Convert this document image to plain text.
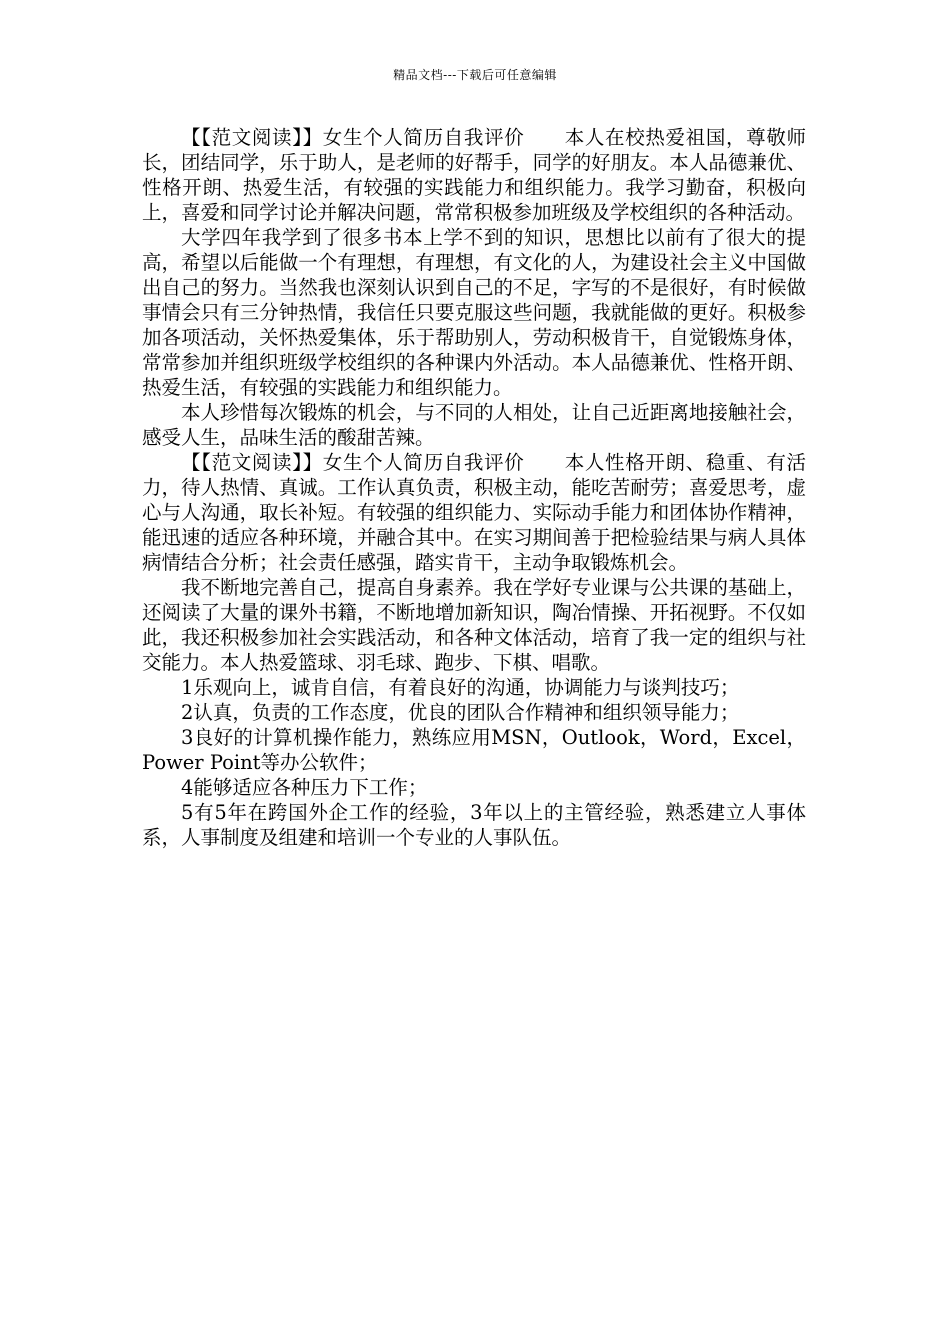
精品文档---下载后可任意编辑

【【范文阅读】】女生个人简历自我评价　　本人在校热爱祖国，尊敬师长，团结同学，乐于助人，是老师的好帮手，同学的好朋友。本人品德兼优、性格开朗、热爱生活，有较强的实践能力和组织能力。我学习勤奋，积极向上，喜爱和同学讨论并解决问题，常常积极参加班级及学校组织的各种活动。

大学四年我学到了很多书本上学不到的知识，思想比以前有了很大的提高，希望以后能做一个有理想，有理想，有文化的人，为建设社会主义中国做出自己的努力。当然我也深刻认识到自己的不足，字写的不是很好，有时候做事情会只有三分钟热情，我信任只要克服这些问题，我就能做的更好。积极参加各项活动，关怀热爱集体，乐于帮助别人，劳动积极肯干，自觉锻炼身体，常常参加并组织班级学校组织的各种课内外活动。本人品德兼优、性格开朗、热爱生活，有较强的实践能力和组织能力。

本人珍惜每次锻炼的机会，与不同的人相处，让自己近距离地接触社会，感受人生，品味生活的酸甜苦辣。

【【范文阅读】】女生个人简历自我评价　　本人性格开朗、稳重、有活力，待人热情、真诚。工作认真负责，积极主动，能吃苦耐劳；喜爱思考，虚心与人沟通，取长补短。有较强的组织能力、实际动手能力和团体协作精神，能迅速的适应各种环境，并融合其中。在实习期间善于把检验结果与病人具体病情结合分析；社会责任感强，踏实肯干，主动争取锻炼机会。

我不断地完善自己，提高自身素养。我在学好专业课与公共课的基础上，还阅读了大量的课外书籍，不断地增加新知识，陶冶情操、开拓视野。不仅如此，我还积极参加社会实践活动，和各种文体活动，培育了我一定的组织与社交能力。本人热爱篮球、羽毛球、跑步、下棋、唱歌。

1乐观向上，诚肯自信，有着良好的沟通，协调能力与谈判技巧；

2认真，负责的工作态度，优良的团队合作精神和组织领导能力；

3良好的计算机操作能力，熟练应用MSN，Outlook，Word，Excel，Power Point等办公软件；

4能够适应各种压力下工作；

5有5年在跨国外企工作的经验，3年以上的主管经验，熟悉建立人事体系，人事制度及组建和培训一个专业的人事队伍。
